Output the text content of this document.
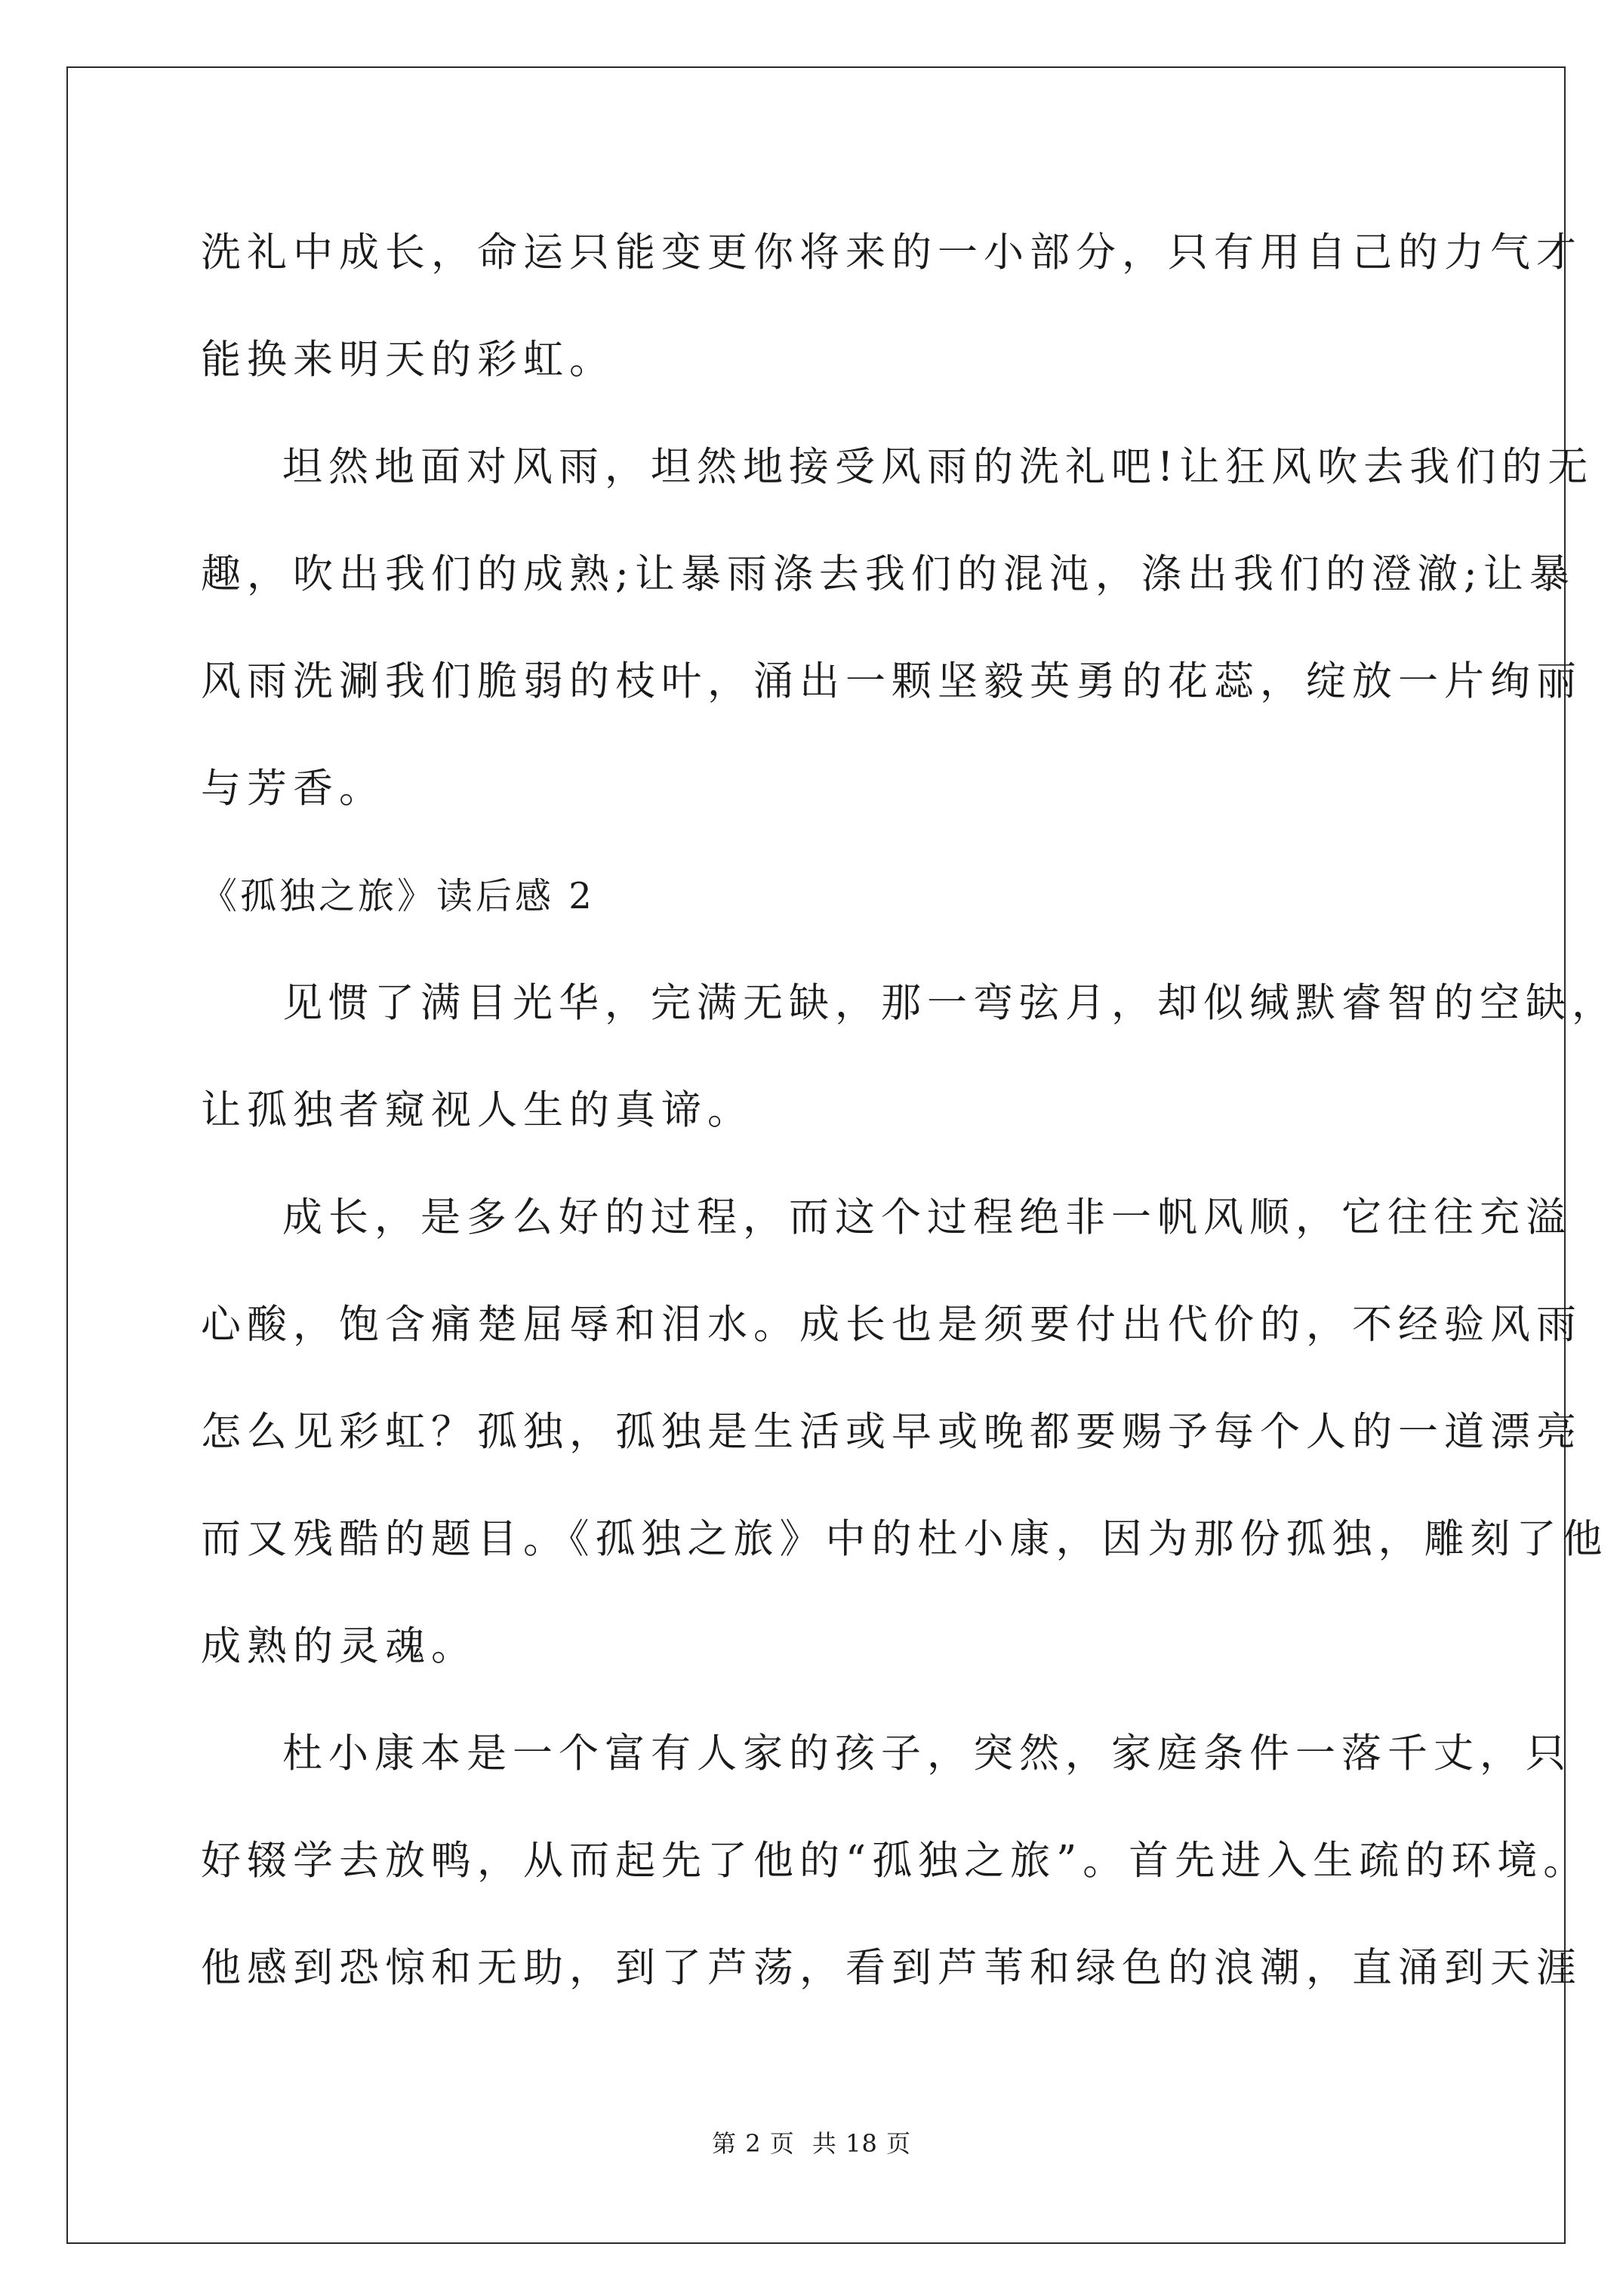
洗礼中成长，命运只能变更你将来的一小部分，只有用自己的力气才
能换来明天的彩虹。
坦然地面对风雨，坦然地接受风雨的洗礼吧!让狂风吹去我们的无
趣，吹出我们的成熟;让暴雨涤去我们的混沌，涤出我们的澄澈;让暴
风雨洗涮我们脆弱的枝叶，涌出一颗坚毅英勇的花蕊，绽放一片绚丽
与芳香。
《孤独之旅》读后感 2
见惯了满目光华，完满无缺，那一弯弦月，却似缄默睿智的空缺，
让孤独者窥视人生的真谛。
成长，是多么好的过程，而这个过程绝非一帆风顺，它往往充溢
心酸，饱含痛楚屈辱和泪水。成长也是须要付出代价的，不经验风雨
怎么见彩虹？孤独，孤独是生活或早或晚都要赐予每个人的一道漂亮
而又残酷的题目。《孤独之旅》中的杜小康，因为那份孤独，雕刻了他
成熟的灵魂。
杜小康本是一个富有人家的孩子，突然，家庭条件一落千丈，只
好辍学去放鸭，从而起先了他的“孤独之旅”。首先进入生疏的环境。
他感到恐惊和无助，到了芦荡，看到芦苇和绿色的浪潮，直涌到天涯
第 2 页 共 18 页
